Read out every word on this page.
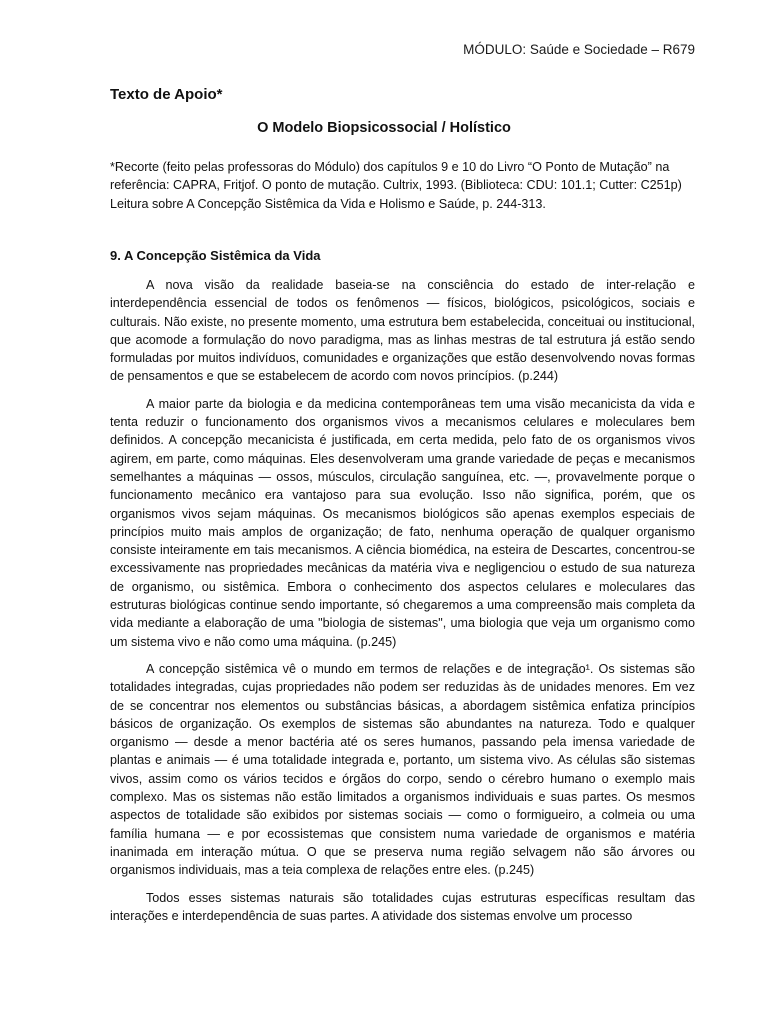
MÓDULO: Saúde e Sociedade – R679
Texto de Apoio*
O Modelo Biopsicossocial / Holístico

*Recorte (feito pelas professoras do Módulo) dos capítulos 9 e 10 do Livro “O Ponto de Mutação” na referência: CAPRA, Fritjof. O ponto de mutação. Cultrix, 1993. (Biblioteca: CDU: 101.1; Cutter: C251p)

Leitura sobre A Concepção Sistêmica da Vida e Holismo e Saúde, p. 244-313.

9. A Concepção Sistêmica da Vida

A nova visão da realidade baseia-se na consciência do estado de inter-relação e interdependência essencial de todos os fenômenos — físicos, biológicos, psicológicos, sociais e culturais. Não existe, no presente momento, uma estrutura bem estabelecida, conceituai ou institucional, que acomode a formulação do novo paradigma, mas as linhas mestras de tal estrutura já estão sendo formuladas por muitos indivíduos, comunidades e organizações que estão desenvolvendo novas formas de pensamentos e que se estabelecem de acordo com novos princípios. (p.244)

A maior parte da biologia e da medicina contemporâneas tem uma visão mecanicista da vida e tenta reduzir o funcionamento dos organismos vivos a mecanismos celulares e moleculares bem definidos. A concepção mecanicista é justificada, em certa medida, pelo fato de os organismos vivos agirem, em parte, como máquinas. Eles desenvolveram uma grande variedade de peças e mecanismos semelhantes a máquinas — ossos, músculos, circulação sanguínea, etc. —, provavelmente porque o funcionamento mecânico era vantajoso para sua evolução. Isso não significa, porém, que os organismos vivos sejam máquinas. Os mecanismos biológicos são apenas exemplos especiais de princípios muito mais amplos de organização; de fato, nenhuma operação de qualquer organismo consiste inteiramente em tais mecanismos. A ciência biomédica, na esteira de Descartes, concentrou-se excessivamente nas propriedades mecânicas da matéria viva e negligenciou o estudo de sua natureza de organismo, ou sistêmica. Embora o conhecimento dos aspectos celulares e moleculares das estruturas biológicas continue sendo importante, só chegaremos a uma compreensão mais completa da vida mediante a elaboração de uma "biologia de sistemas", uma biologia que veja um organismo como um sistema vivo e não como uma máquina. (p.245)

A concepção sistêmica vê o mundo em termos de relações e de integração¹. Os sistemas são totalidades integradas, cujas propriedades não podem ser reduzidas às de unidades menores. Em vez de se concentrar nos elementos ou substâncias básicas, a abordagem sistêmica enfatiza princípios básicos de organização. Os exemplos de sistemas são abundantes na natureza. Todo e qualquer organismo — desde a menor bactéria até os seres humanos, passando pela imensa variedade de plantas e animais — é uma totalidade integrada e, portanto, um sistema vivo. As células são sistemas vivos, assim como os vários tecidos e órgãos do corpo, sendo o cérebro humano o exemplo mais complexo. Mas os sistemas não estão limitados a organismos individuais e suas partes. Os mesmos aspectos de totalidade são exibidos por sistemas sociais — como o formigueiro, a colmeia ou uma família humana — e por ecossistemas que consistem numa variedade de organismos e matéria inanimada em interação mútua. O que se preserva numa região selvagem não são árvores ou organismos individuais, mas a teia complexa de relações entre eles. (p.245)

Todos esses sistemas naturais são totalidades cujas estruturas específicas resultam das interações e interdependência de suas partes. A atividade dos sistemas envolve um processo
